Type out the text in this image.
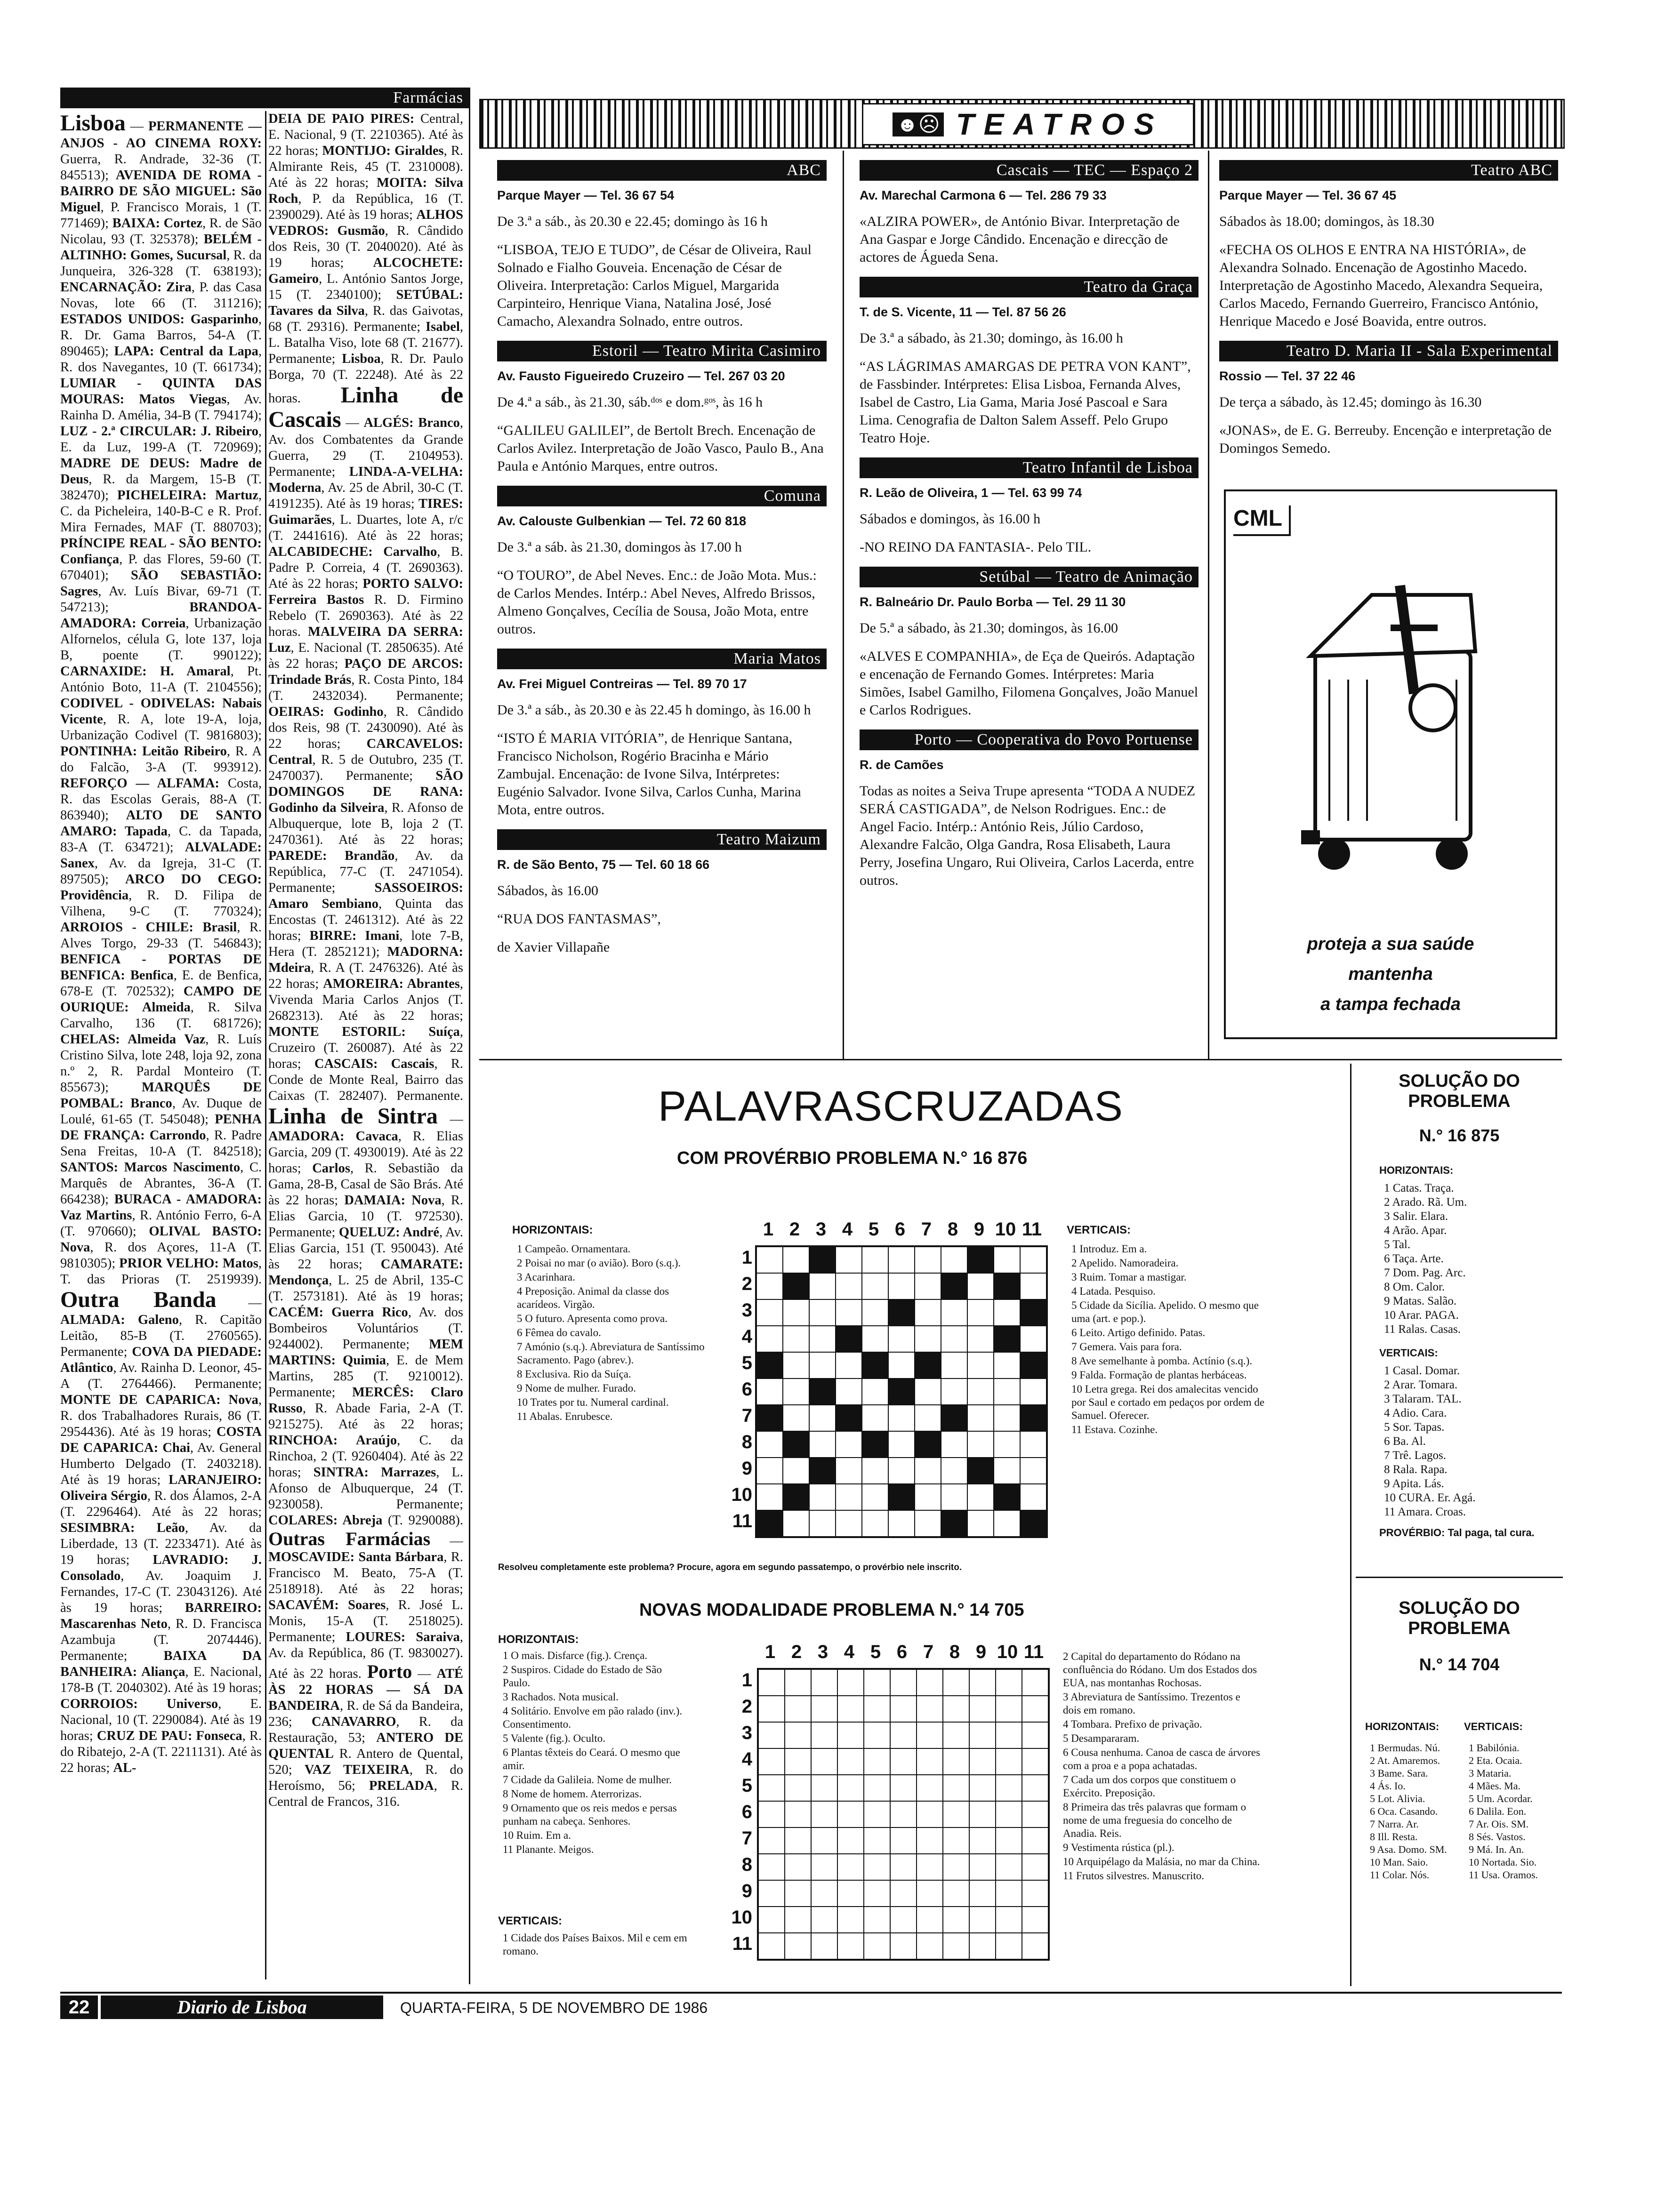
Farmácias
Lisboa — PERMANENTE — ANJOS - AO CINEMA ROXY: Guerra, R. Andrade, 32-36 (T. 845513); AVENIDA DE ROMA - BAIRRO DE SÃO MIGUEL: São Miguel, P. Francisco Morais, 1 (T. 771469); BAIXA: Cortez, R. de São Nicolau, 93 (T. 325378); BELÉM - ALTINHO: Gomes, Sucursal, R. da Junqueira, 326-328 (T. 638193); ENCARNAÇÃO: Zira, P. das Casa Novas, lote 66 (T. 311216); ESTADOS UNIDOS: Gasparinho, R. Dr. Gama Barros, 54-A (T. 890465); LAPA: Central da Lapa, R. dos Navegantes, 10 (T. 661734); LUMIAR - QUINTA DAS MOURAS: Matos Viegas, Av. Rainha D. Amélia, 34-B (T. 794174); LUZ - 2.ª CIRCULAR: J. Ribeiro, E. da Luz, 199-A (T. 720969); MADRE DE DEUS: Madre de Deus, R. da Margem, 15-B (T. 382470); PICHELEIRA: Martuz, C. da Picheleira, 140-B-C e R. Prof. Mira Fernades, MAF (T. 880703); PRÍNCIPE REAL - SÃO BENTO: Confiança, P. das Flores, 59-60 (T. 670401); SÃO SEBASTIÃO: Sagres, Av. Luís Bivar, 69-71 (T. 547213); BRANDOA- AMADORA: Correia, Urbanização Alfornelos, célula G, lote 137, loja B, poente (T. 990122); CARNAXIDE: H. Amaral, Pt. António Boto, 11-A (T. 2104556); CODIVEL - ODIVELAS: Nabais Vicente, R. A, lote 19-A, loja, Urbanização Codivel (T. 9816803); PONTINHA: Leitão Ribeiro, R. A do Falcão, 3-A (T. 993912). REFORÇO — ALFAMA: Costa, R. das Escolas Gerais, 88-A (T. 863940); ALTO DE SANTO AMARO: Tapada, C. da Tapada, 83-A (T. 634721); ALVALADE: Sanex, Av. da Igreja, 31-C (T. 897505); ARCO DO CEGO: Providência, R. D. Filipa de Vilhena, 9-C (T. 770324); ARROIOS - CHILE: Brasil, R. Alves Torgo, 29-33 (T. 546843); BENFICA - PORTAS DE BENFICA: Benfica, E. de Benfica, 678-E (T. 702532); CAMPO DE OURIQUE: Almeida, R. Silva Carvalho, 136 (T. 681726); CHELAS: Almeida Vaz, R. Luís Cristino Silva, lote 248, loja 92, zona n.º 2, R. Pardal Monteiro (T. 855673); MARQUÊS DE POMBAL: Branco, Av. Duque de Loulé, 61-65 (T. 545048); PENHA DE FRANÇA: Carrondo, R. Padre Sena Freitas, 10-A (T. 842518); SANTOS: Marcos Nascimento, C. Marquês de Abrantes, 36-A (T. 664238); BURACA - AMADORA: Vaz Martins, R. António Ferro, 6-A (T. 970660); OLIVAL BASTO: Nova, R. dos Açores, 11-A (T. 9810305); PRIOR VELHO: Matos, T. das Prioras (T. 2519939). Outra Banda — ALMADA: Galeno, R. Capitão Leitão, 85-B (T. 2760565). Permanente; COVA DA PIEDADE: Atlântico, Av. Rainha D. Leonor, 45-A (T. 2764466). Permanente; MONTE DE CAPARICA: Nova, R. dos Trabalhadores Rurais, 86 (T. 2954436). Até às 19 horas; COSTA DE CAPARICA: Chai, Av. General Humberto Delgado (T. 2403218). Até às 19 horas; LARANJEIRO: Oliveira Sérgio, R. dos Álamos, 2-A (T. 2296464). Até às 22 horas; SESIMBRA: Leão, Av. da Liberdade, 13 (T. 2233471). Até às 19 horas; LAVRADIO: J. Consolado, Av. Joaquim J. Fernandes, 17-C (T. 23043126). Até às 19 horas; BARREIRO: Mascarenhas Neto, R. D. Francisca Azambuja (T. 2074446). Permanente; BAIXA DA BANHEIRA: Aliança, E. Nacional, 178-B (T. 2040302). Até às 19 horas; CORROIOS: Universo, E. Nacional, 10 (T. 2290084). Até às 19 horas; CRUZ DE PAU: Fonseca, R. do Ribatejo, 2-A (T. 2211131). Até às 22 horas; AL-
DEIA DE PAIO PIRES: Central, E. Nacional, 9 (T. 2210365). Até às 22 horas; MONTIJO: Giraldes, R. Almirante Reis, 45 (T. 2310008). Até às 22 horas; MOITA: Silva Roch, P. da República, 16 (T. 2390029). Até às 19 horas; ALHOS VEDROS: Gusmão, R. Cândido dos Reis, 30 (T. 2040020). Até às 19 horas; ALCOCHETE: Gameiro, L. António Santos Jorge, 15 (T. 2340100); SETÚBAL: Tavares da Silva, R. das Gaivotas, 68 (T. 29316). Permanente; Isabel, L. Batalha Viso, lote 68 (T. 21677). Permanente; Lisboa, R. Dr. Paulo Borga, 70 (T. 22248). Até às 22 horas. Linha de Cascais — ALGÉS: Branco, Av. dos Combatentes da Grande Guerra, 29 (T. 2104953). Permanente; LINDA-A-VELHA: Moderna, Av. 25 de Abril, 30-C (T. 4191235). Até às 19 horas; TIRES: Guimarães, L. Duartes, lote A, r/c (T. 2441616). Até às 22 horas; ALCABIDECHE: Carvalho, B. Padre P. Correia, 4 (T. 2690363). Até às 22 horas; PORTO SALVO: Ferreira Bastos R. D. Firmino Rebelo (T. 2690363). Até às 22 horas. MALVEIRA DA SERRA: Luz, E. Nacional (T. 2850635). Até às 22 horas; PAÇO DE ARCOS: Trindade Brás, R. Costa Pinto, 184 (T. 2432034). Permanente; OEIRAS: Godinho, R. Cândido dos Reis, 98 (T. 2430090). Até às 22 horas; CARCAVELOS: Central, R. 5 de Outubro, 235 (T. 2470037). Permanente; SÃO DOMINGOS DE RANA: Godinho da Silveira, R. Afonso de Albuquerque, lote B, loja 2 (T. 2470361). Até às 22 horas; PAREDE: Brandão, Av. da República, 77-C (T. 2471054). Permanente; SASSOEIROS: Amaro Sembiano, Quinta das Encostas (T. 2461312). Até às 22 horas; BIRRE: Imani, lote 7-B, Hera (T. 2852121); MADORNA: Mdeira, R. A (T. 2476326). Até às 22 horas; AMOREIRA: Abrantes, Vivenda Maria Carlos Anjos (T. 2682313). Até às 22 horas; MONTE ESTORIL: Suíça, Cruzeiro (T. 260087). Até às 22 horas; CASCAIS: Cascais, R. Conde de Monte Real, Bairro das Caixas (T. 282407). Permanente. Linha de Sintra — AMADORA: Cavaca, R. Elias Garcia, 209 (T. 4930019). Até às 22 horas; Carlos, R. Sebastião da Gama, 28-B, Casal de São Brás. Até às 22 horas; DAMAIA: Nova, R. Elias Garcia, 10 (T. 972530). Permanente; QUELUZ: André, Av. Elias Garcia, 151 (T. 950043). Até às 22 horas; CAMARATE: Mendonça, L. 25 de Abril, 135-C (T. 2573181). Até às 19 horas; CACÉM: Guerra Rico, Av. dos Bombeiros Voluntários (T. 9244002). Permanente; MEM MARTINS: Quimia, E. de Mem Martins, 285 (T. 9210012). Permanente; MERCÊS: Claro Russo, R. Abade Faria, 2-A (T. 9215275). Até às 22 horas; RINCHOA: Araújo, C. da Rinchoa, 2 (T. 9260404). Até às 22 horas; SINTRA: Marrazes, L. Afonso de Albuquerque, 24 (T. 9230058). Permanente; COLARES: Abreja (T. 9290088). Outras Farmácias — MOSCAVIDE: Santa Bárbara, R. Francisco M. Beato, 75-A (T. 2518918). Até às 22 horas; SACAVÉM: Soares, R. José L. Monis, 15-A (T. 2518025). Permanente; LOURES: Saraiva, Av. da República, 86 (T. 9830027). Até às 22 horas. Porto — ATÉ ÀS 22 HORAS — SÁ DA BANDEIRA, R. de Sá da Bandeira, 236; CANAVARRO, R. da Restauração, 53; ANTERO DE QUENTAL R. Antero de Quental, 520; VAZ TEIXEIRA, R. do Heroísmo, 56; PRELADA, R. Central de Francos, 316.
☻☹ TEATROS
ABC
Parque Mayer — Tel. 36 67 54

De 3.ª a sáb., às 20.30 e 22.45; domingo às 16 h

“LISBOA, TEJO E TUDO”, de César de Oliveira, Raul Solnado e Fialho Gouveia. Encenação de César de Oliveira. Interpretação: Carlos Miguel, Margarida Carpinteiro, Henrique Viana, Natalina José, José Camacho, Alexandra Solnado, entre outros.

Estoril — Teatro Mirita Casimiro
Av. Fausto Figueiredo Cruzeiro — Tel. 267 03 20

De 4.ª a sáb., às 21.30, sáb.ᵈᵒˢ e dom.ᵍᵒˢ, às 16 h

“GALILEU GALILEI”, de Bertolt Brech. Encenação de Carlos Avilez. Interpretação de João Vasco, Paulo B., Ana Paula e António Marques, entre outros.

Comuna
Av. Calouste Gulbenkian — Tel. 72 60 818

De 3.ª a sáb. às 21.30, domingos às 17.00 h

“O TOURO”, de Abel Neves. Enc.: de João Mota. Mus.: de Carlos Mendes. Intérp.: Abel Neves, Alfredo Brissos, Almeno Gonçalves, Cecília de Sousa, João Mota, entre outros.

Maria Matos
Av. Frei Miguel Contreiras — Tel. 89 70 17

De 3.ª a sáb., às 20.30 e às 22.45 h domingo, às 16.00 h

“ISTO É MARIA VITÓRIA”, de Henrique Santana, Francisco Nicholson, Rogério Bracinha e Mário Zambujal. Encenação: de Ivone Silva, Intérpretes: Eugénio Salvador. Ivone Silva, Carlos Cunha, Marina Mota, entre outros.

Teatro Maizum
R. de São Bento, 75 — Tel. 60 18 66

Sábados, às 16.00

“RUA DOS FANTASMAS”,

de Xavier Villapañe

Cascais — TEC — Espaço 2
Av. Marechal Carmona 6 — Tel. 286 79 33

«ALZIRA POWER», de António Bivar. Interpretação de Ana Gaspar e Jorge Cândido. Encenação e direcção de actores de Águeda Sena.

Teatro da Graça
T. de S. Vicente, 11 — Tel. 87 56 26

De 3.ª a sábado, às 21.30; domingo, às 16.00 h

“AS LÁGRIMAS AMARGAS DE PETRA VON KANT”, de Fassbinder. Intérpretes: Elisa Lisboa, Fernanda Alves, Isabel de Castro, Lia Gama, Maria José Pascoal e Sara Lima. Cenografia de Dalton Salem Asseff. Pelo Grupo Teatro Hoje.

Teatro Infantil de Lisboa
R. Leão de Oliveira, 1 — Tel. 63 99 74

Sábados e domingos, às 16.00 h

-NO REINO DA FANTASIA-. Pelo TIL.

Setúbal — Teatro de Animação
R. Balneário Dr. Paulo Borba — Tel. 29 11 30

De 5.ª a sábado, às 21.30; domingos, às 16.00

«ALVES E COMPANHIA», de Eça de Queirós. Adaptação e encenação de Fernando Gomes. Intérpretes: Maria Simões, Isabel Gamilho, Filomena Gonçalves, João Manuel e Carlos Rodrigues.

Porto — Cooperativa do Povo Portuense
R. de Camões

Todas as noites a Seiva Trupe apresenta “TODA A NUDEZ SERÁ CASTIGADA”, de Nelson Rodrigues. Enc.: de Angel Facio. Intérp.: António Reis, Júlio Cardoso, Alexandre Falcão, Olga Gandra, Rosa Elisabeth, Laura Perry, Josefina Ungaro, Rui Oliveira, Carlos Lacerda, entre outros.

Teatro ABC
Parque Mayer — Tel. 36 67 45

Sábados às 18.00; domingos, às 18.30

«FECHA OS OLHOS E ENTRA NA HISTÓRIA», de Alexandra Solnado. Encenação de Agostinho Macedo. Interpretação de Agostinho Macedo, Alexandra Sequeira, Carlos Macedo, Fernando Guerreiro, Francisco António, Henrique Macedo e José Boavida, entre outros.

Teatro D. Maria II - Sala Experimental
Rossio — Tel. 37 22 46

De terça a sábado, às 12.45; domingo às 16.30

«JONAS», de E. G. Berreuby. Encenção e interpretação de Domingos Semedo.

CML
proteja a sua saúde
mantenha
a tampa fechada
PALAVRASCRUZADAS
COM PROVÉRBIO PROBLEMA N.° 16 876
HORIZONTAIS:
1 Campeão. Ornamentara.
2 Poisai no mar (o avião). Boro (s.q.).
3 Acarinhara.
4 Preposição. Animal da classe dos acarídeos. Virgão.
5 O futuro. Apresenta como prova.
6 Fêmea do cavalo.
7 Amónio (s.q.). Abreviatura de Santíssimo Sacramento. Pago (abrev.).
8 Exclusiva. Rio da Suíça.
9 Nome de mulher. Furado.
10 Trates por tu. Numeral cardinal.
11 Abalas. Enrubesce.
1 2 3 4 5 6 7 8 9 10 11
1
2
3
4
5
6
7
8
9
10
11
VERTICAIS:
1 Introduz. Em a.
2 Apelido. Namoradeira.
3 Ruim. Tomar a mastigar.
4 Latada. Pesquiso.
5 Cidade da Sicília. Apelido. O mesmo que uma (art. e pop.).
6 Leito. Artigo definido. Patas.
7 Gemera. Vais para fora.
8 Ave semelhante à pomba. Actínio (s.q.).
9 Falda. Formação de plantas herbáceas.
10 Letra grega. Rei dos amalecitas vencido por Saul e cortado em pedaços por ordem de Samuel. Oferecer.
11 Estava. Cozinhe.
Resolveu completamente este problema? Procure, agora em segundo passatempo, o provérbio nele inscrito.
NOVAS MODALIDADE PROBLEMA N.° 14 705
HORIZONTAIS:
1 O mais. Disfarce (fig.). Crença.
2 Suspiros. Cidade do Estado de São Paulo.
3 Rachados. Nota musical.
4 Solitário. Envolve em pão ralado (inv.). Consentimento.
5 Valente (fig.). Oculto.
6 Plantas têxteis do Ceará. O mesmo que amir.
7 Cidade da Galileia. Nome de mulher.
8 Nome de homem. Aterrorizas.
9 Ornamento que os reis medos e persas punham na cabeça. Senhores.
10 Ruim. Em a.
11 Planante. Meigos.
VERTICAIS:
1 Cidade dos Países Baixos. Mil e cem em romano.
1 2 3 4 5 6 7 8 9 10 11
1
2
3
4
5
6
7
8
9
10
11
2 Capital do departamento do Ródano na confluência do Ródano. Um dos Estados dos EUA, nas montanhas Rochosas.
3 Abreviatura de Santíssimo. Trezentos e dois em romano.
4 Tombara. Prefixo de privação.
5 Desampararam.
6 Cousa nenhuma. Canoa de casca de árvores com a proa e a popa achatadas.
7 Cada um dos corpos que constituem o Exército. Preposição.
8 Primeira das três palavras que formam o nome de uma freguesia do concelho de Anadia. Reis.
9 Vestimenta rústica (pl.).
10 Arquipélago da Malásia, no mar da China.
11 Frutos silvestres. Manuscrito.
SOLUÇÃO DO PROBLEMA
N.° 16 875
HORIZONTAIS:
1 Catas. Traça.
2 Arado. Rã. Um.
3 Salir. Elara.
4 Arão. Apar.
5 Tal.
6 Taça. Arte.
7 Dom. Pag. Arc.
8 Om. Calor.
9 Matas. Salão.
10 Arar. PAGA.
11 Ralas. Casas.
VERTICAIS:
1 Casal. Domar.
2 Arar. Tomara.
3 Talaram. TAL.
4 Adio. Cara.
5 Sor. Tapas.
6 Ba. Al.
7 Trê. Lagos.
8 Rala. Rapa.
9 Apita. Lás.
10 CURA. Er. Agá.
11 Amara. Croas.
PROVÉRBIO: Tal paga, tal cura.
SOLUÇÃO DO PROBLEMA
N.° 14 704
HORIZONTAIS:
1 Bermudas. Nú.
2 At. Amaremos.
3 Bame. Sara.
4 Ás. Io.
5 Lot. Alivia.
6 Oca. Casando.
7 Narra. Ar.
8 Ill. Resta.
9 Asa. Domo. SM.
10 Man. Saio.
11 Colar. Nós.
VERTICAIS:
1 Babilónia.
2 Eta. Ocaia.
3 Mataria.
4 Mães. Ma.
5 Um. Acordar.
6 Dalila. Eon.
7 Ar. Ois. SM.
8 Sés. Vastos.
9 Má. In. An.
10 Nortada. Sio.
11 Usa. Oramos.
22	Diario de Lisboa	QUARTA-FEIRA, 5 DE NOVEMBRO DE 1986
